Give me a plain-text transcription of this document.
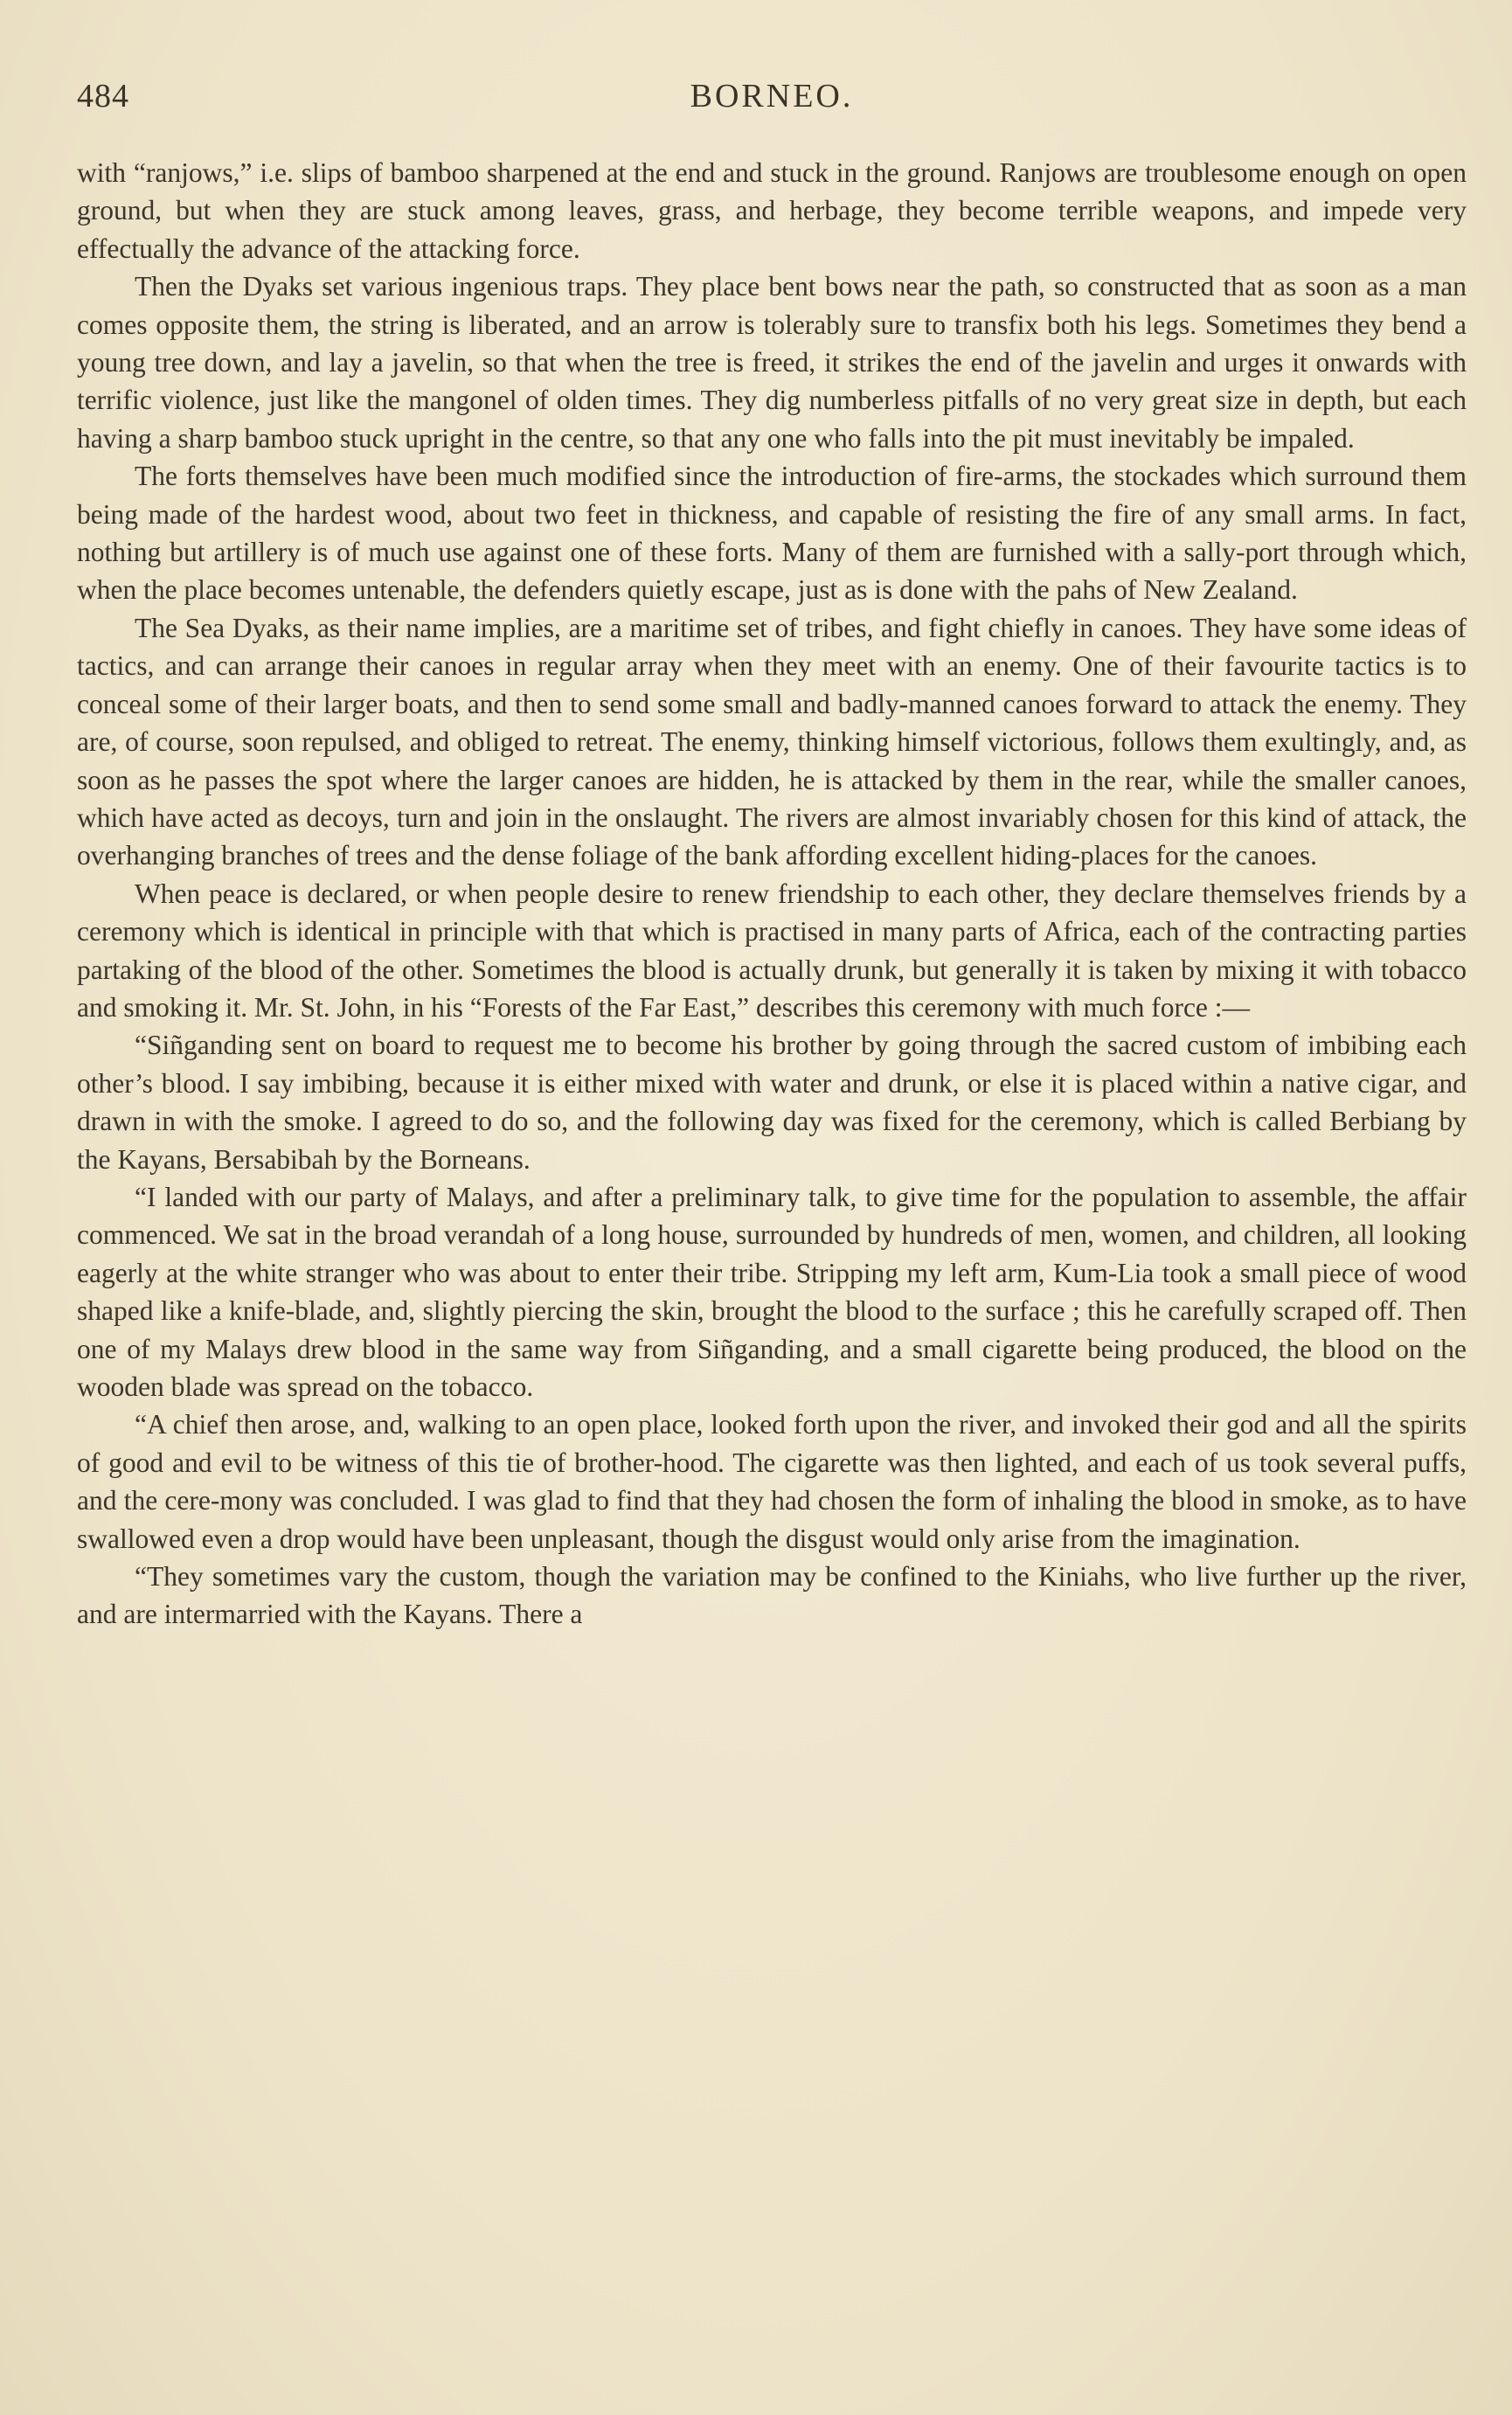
484	BORNEO.

with “ranjows,” i.e. slips of bamboo sharpened at the end and stuck in the ground. Ranjows are troublesome enough on open ground, but when they are stuck among leaves, grass, and herbage, they become terrible weapons, and impede very effectually the advance of the attacking force.

Then the Dyaks set various ingenious traps. They place bent bows near the path, so constructed that as soon as a man comes opposite them, the string is liberated, and an arrow is tolerably sure to transfix both his legs. Sometimes they bend a young tree down, and lay a javelin, so that when the tree is freed, it strikes the end of the javelin and urges it onwards with terrific violence, just like the mangonel of olden times. They dig numberless pitfalls of no very great size in depth, but each having a sharp bamboo stuck upright in the centre, so that any one who falls into the pit must inevitably be impaled.

The forts themselves have been much modified since the introduction of fire-arms, the stockades which surround them being made of the hardest wood, about two feet in thickness, and capable of resisting the fire of any small arms. In fact, nothing but artillery is of much use against one of these forts. Many of them are furnished with a sally-port through which, when the place becomes untenable, the defenders quietly escape, just as is done with the pahs of New Zealand.

The Sea Dyaks, as their name implies, are a maritime set of tribes, and fight chiefly in canoes. They have some ideas of tactics, and can arrange their canoes in regular array when they meet with an enemy. One of their favourite tactics is to conceal some of their larger boats, and then to send some small and badly-manned canoes forward to attack the enemy. They are, of course, soon repulsed, and obliged to retreat. The enemy, thinking himself victorious, follows them exultingly, and, as soon as he passes the spot where the larger canoes are hidden, he is attacked by them in the rear, while the smaller canoes, which have acted as decoys, turn and join in the onslaught. The rivers are almost invariably chosen for this kind of attack, the overhanging branches of trees and the dense foliage of the bank affording excellent hiding-places for the canoes.

When peace is declared, or when people desire to renew friendship to each other, they declare themselves friends by a ceremony which is identical in principle with that which is practised in many parts of Africa, each of the contracting parties partaking of the blood of the other. Sometimes the blood is actually drunk, but generally it is taken by mixing it with tobacco and smoking it. Mr. St. John, in his “Forests of the Far East,” describes this ceremony with much force :—

“Siñganding sent on board to request me to become his brother by going through the sacred custom of imbibing each other’s blood. I say imbibing, because it is either mixed with water and drunk, or else it is placed within a native cigar, and drawn in with the smoke. I agreed to do so, and the following day was fixed for the ceremony, which is called Berbiang by the Kayans, Bersabibah by the Borneans.

“I landed with our party of Malays, and after a preliminary talk, to give time for the population to assemble, the affair commenced. We sat in the broad verandah of a long house, surrounded by hundreds of men, women, and children, all looking eagerly at the white stranger who was about to enter their tribe. Stripping my left arm, Kum-Lia took a small piece of wood shaped like a knife-blade, and, slightly piercing the skin, brought the blood to the surface ; this he carefully scraped off. Then one of my Malays drew blood in the same way from Siñganding, and a small cigarette being produced, the blood on the wooden blade was spread on the tobacco.

“A chief then arose, and, walking to an open place, looked forth upon the river, and invoked their god and all the spirits of good and evil to be witness of this tie of brother-hood. The cigarette was then lighted, and each of us took several puffs, and the cere-mony was concluded. I was glad to find that they had chosen the form of inhaling the blood in smoke, as to have swallowed even a drop would have been unpleasant, though the disgust would only arise from the imagination.

“They sometimes vary the custom, though the variation may be confined to the Kiniahs, who live further up the river, and are intermarried with the Kayans. There a
